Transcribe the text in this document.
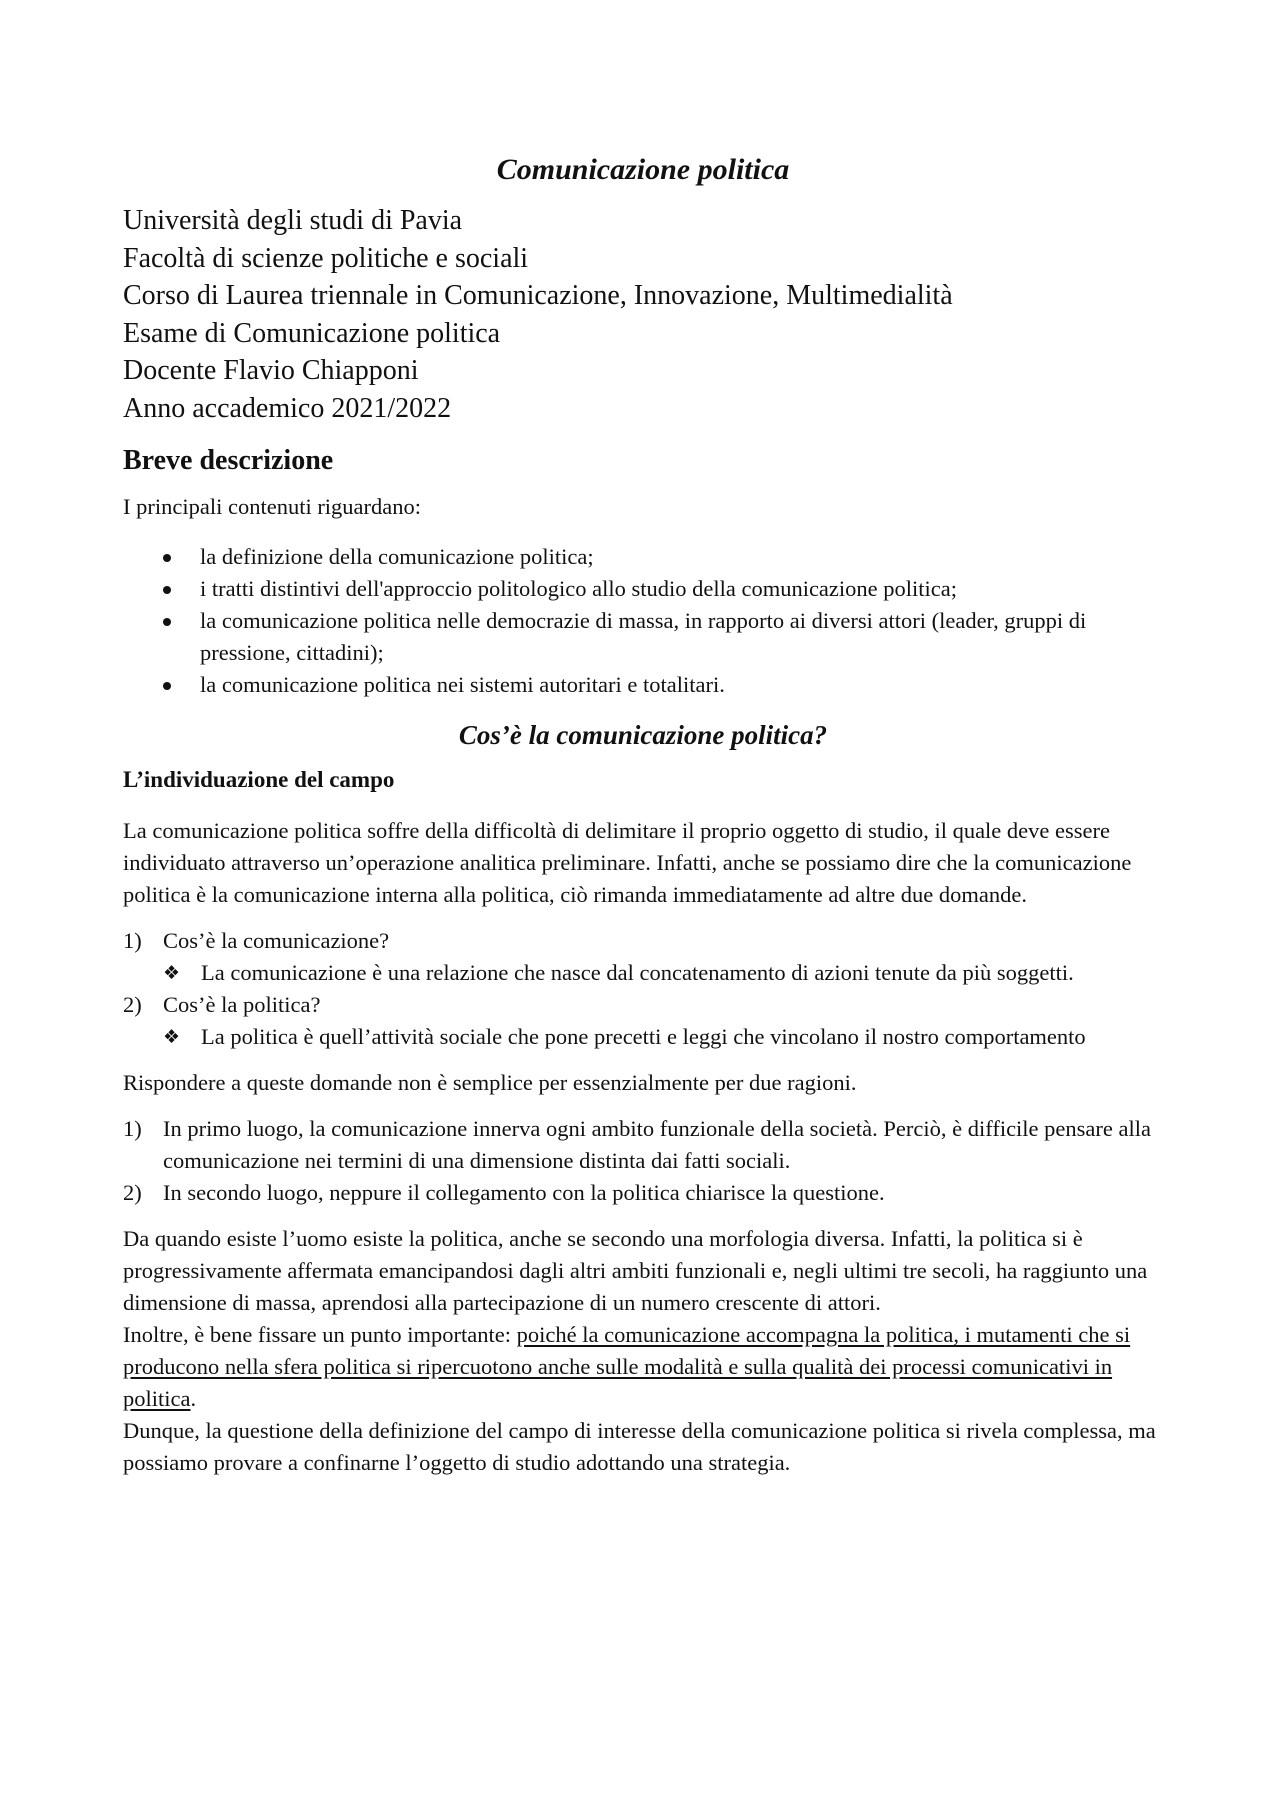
Comunicazione politica

Università degli studi di Pavia

Facoltà di scienze politiche e sociali

Corso di Laurea triennale in Comunicazione, Innovazione, Multimedialità

Esame di Comunicazione politica

Docente Flavio Chiapponi

Anno accademico 2021/2022

Breve descrizione

I principali contenuti riguardano:

la definizione della comunicazione politica;
i tratti distintivi dell'approccio politologico allo studio della comunicazione politica;
la comunicazione politica nelle democrazie di massa, in rapporto ai diversi attori (leader, gruppi di pressione, cittadini);
la comunicazione politica nei sistemi autoritari e totalitari.
Cos’è la comunicazione politica?
L’individuazione del campo

La comunicazione politica soffre della difficoltà di delimitare il proprio oggetto di studio, il quale deve essere individuato attraverso un’operazione analitica preliminare. Infatti, anche se possiamo dire che la comunicazione politica è la comunicazione interna alla politica, ciò rimanda immediatamente ad altre due domande.

1) Cos’è la comunicazione?
❖ La comunicazione è una relazione che nasce dal concatenamento di azioni tenute da più soggetti.
2) Cos’è la politica?
❖ La politica è quell’attività sociale che pone precetti e leggi che vincolano il nostro comportamento

Rispondere a queste domande non è semplice per essenzialmente per due ragioni.

1) In primo luogo, la comunicazione innerva ogni ambito funzionale della società. Perciò, è difficile pensare alla comunicazione nei termini di una dimensione distinta dai fatti sociali.
2) In secondo luogo, neppure il collegamento con la politica chiarisce la questione.

Da quando esiste l’uomo esiste la politica, anche se secondo una morfologia diversa. Infatti, la politica si è progressivamente affermata emancipandosi dagli altri ambiti funzionali e, negli ultimi tre secoli, ha raggiunto una dimensione di massa, aprendosi alla partecipazione di un numero crescente di attori.

Inoltre, è bene fissare un punto importante: poiché la comunicazione accompagna la politica, i mutamenti che si producono nella sfera politica si ripercuotono anche sulle modalità e sulla qualità dei processi comunicativi in politica.

Dunque, la questione della definizione del campo di interesse della comunicazione politica si rivela complessa, ma possiamo provare a confinarne l’oggetto di studio adottando una strategia.
